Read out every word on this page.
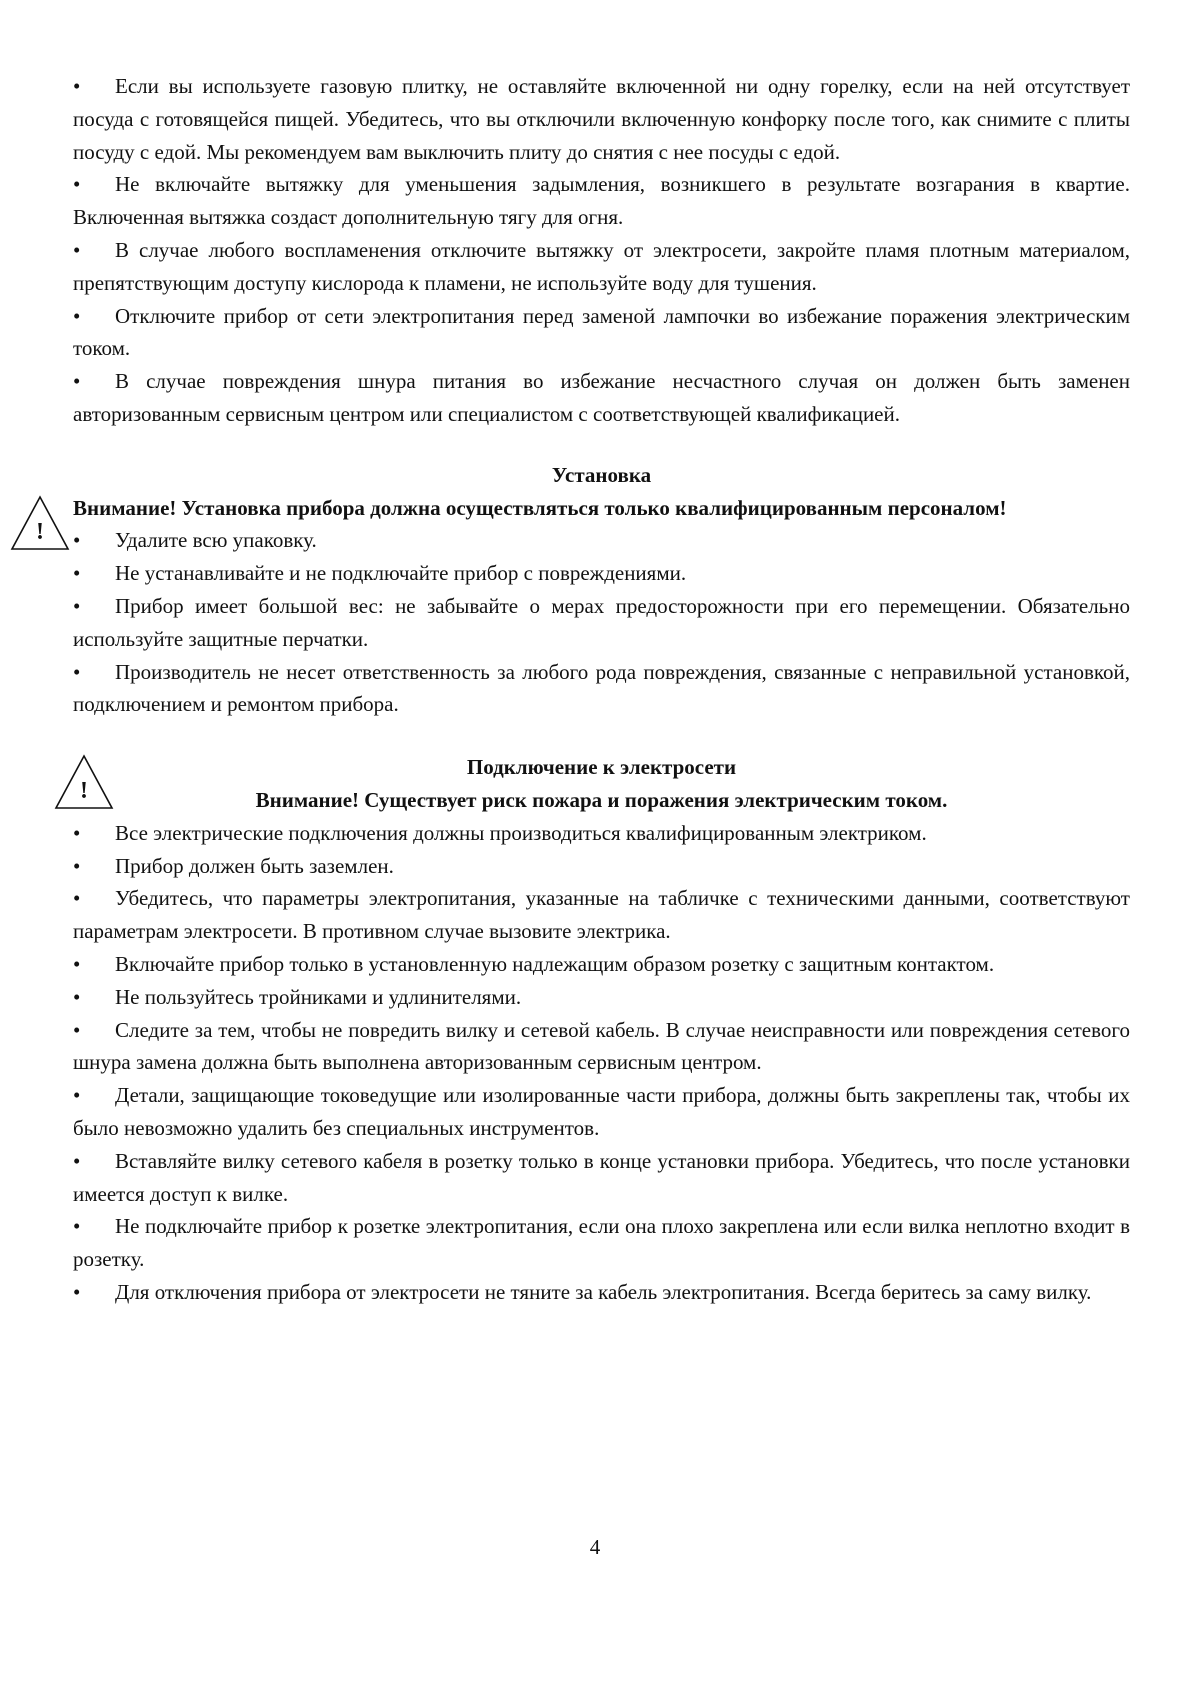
• Если вы используете газовую плитку, не оставляйте включенной ни одну горелку, если на ней отсутствует посуда с готовящейся пищей. Убедитесь, что вы отключили включенную конфорку после того, как снимите с плиты посуду с едой. Мы рекомендуем вам выключить плиту до снятия с нее посуды с едой.

• Не включайте вытяжку для уменьшения задымления, возникшего в результате возгарания в квартие. Включенная вытяжка создаст дополнительную тягу для огня.

• В случае любого воспламенения отключите вытяжку от электросети, закройте пламя плотным материалом, препятствующим доступу кислорода к пламени, не используйте воду для тушения.

• Отключите прибор от сети электропитания перед заменой лампочки во избежание поражения электрическим током.

• В случае повреждения шнура питания во избежание несчастного случая он должен быть заменен авторизованным сервисным центром или специалистом с соответствующей квалификацией.

Установка
!

Внимание! Установка прибора должна осуществляться только квалифицированным персоналом!

• Удалите всю упаковку.

• Не устанавливайте и не подключайте прибор с повреждениями.

• Прибор имеет большой вес: не забывайте о мерах предосторожности при его перемещении. Обязательно используйте защитные перчатки.

• Производитель не несет ответственность за любого рода повреждения, связанные с неправильной установкой, подключением и ремонтом прибора.

!
Подключение к электросети

Внимание! Существует риск пожара и поражения электрическим током.

• Все электрические подключения должны производиться квалифицированным электриком.

• Прибор должен быть заземлен.

• Убедитесь, что параметры электропитания, указанные на табличке с техническими данными, соответствуют параметрам электросети. В противном случае вызовите электрика.

• Включайте прибор только в установленную надлежащим образом розетку с защитным контактом.

• Не пользуйтесь тройниками и удлинителями.

• Следите за тем, чтобы не повредить вилку и сетевой кабель. В случае неисправности или повреждения сетевого шнура замена должна быть выполнена авторизованным сервисным центром.

• Детали, защищающие токоведущие или изолированные части прибора, должны быть закреплены так, чтобы их было невозможно удалить без специальных инструментов.

• Вставляйте вилку сетевого кабеля в розетку только в конце установки прибора. Убедитесь, что после установки имеется доступ к вилке.

• Не подключайте прибор к розетке электропитания, если она плохо закреплена или если вилка неплотно входит в розетку.

• Для отключения прибора от электросети не тяните за кабель электропитания. Всегда беритесь за саму вилку.

4
